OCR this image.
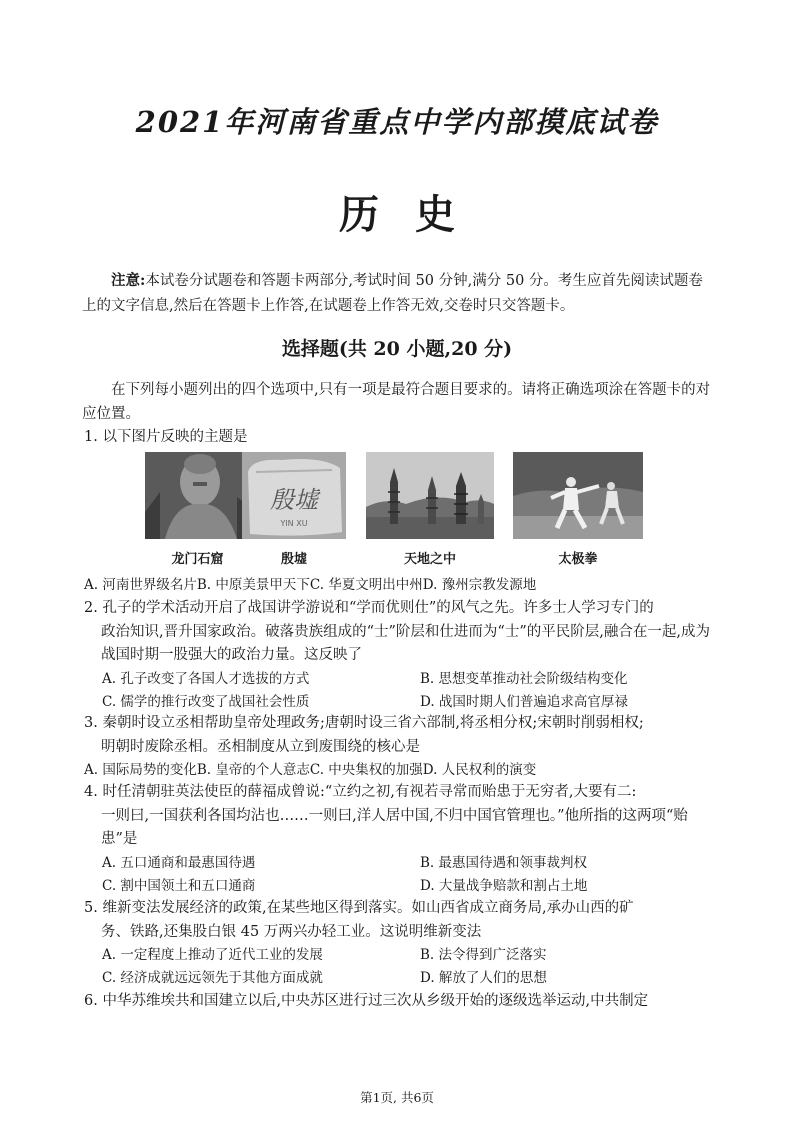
2021年河南省重点中学内部摸底试卷
历史
注意:本试卷分试题卷和答题卡两部分,考试时间 50 分钟,满分 50 分。考生应首先阅读试题卷上的文字信息,然后在答题卡上作答,在试题卷上作答无效,交卷时只交答题卡。
选择题(共 20 小题,20 分)
在下列每小题列出的四个选项中,只有一项是最符合题目要求的。请将正确选项涂在答题卡的对应位置。

1. 以下图片反映的主题是

龙门石窟
殷墟
YIN XU
殷墟	天地之中	太极拳
A. 河南世界级名片 B. 中原美景甲天下 C. 华夏文明出中州 D. 豫州宗教发源地

2. 孔子的学术活动开启了战国讲学游说和“学而优则仕”的风气之先。许多士人学习专门的
政治知识,晋升国家政治。破落贵族组成的“士”阶层和仕进而为“士”的平民阶层,融合在一起,成为战国时期一股强大的政治力量。这反映了

A. 孔子改变了各国人才选拔的方式	B. 思想变革推动社会阶级结构变化
C. 儒学的推行改变了战国社会性质	D. 战国时期人们普遍追求高官厚禄

3. 秦朝时设立丞相帮助皇帝处理政务;唐朝时设三省六部制,将丞相分权;宋朝时削弱相权;
明朝时废除丞相。丞相制度从立到废围绕的核心是

A. 国际局势的变化 B. 皇帝的个人意志 C. 中央集权的加强 D. 人民权利的演变

4. 时任清朝驻英法使臣的薛福成曾说:“立约之初,有视若寻常而贻患于无穷者,大要有二:
一则曰,一国获利各国均沾也……一则曰,洋人居中国,不归中国官管理也。”他所指的这两项“贻患”是

A. 五口通商和最惠国待遇	B. 最惠国待遇和领事裁判权
C. 割中国领土和五口通商	D. 大量战争赔款和割占土地

5. 维新变法发展经济的政策,在某些地区得到落实。如山西省成立商务局,承办山西的矿
务、铁路,还集股白银 45 万两兴办轻工业。这说明维新变法

A. 一定程度上推动了近代工业的发展	B. 法令得到广泛落实
C. 经济成就远远领先于其他方面成就	D. 解放了人们的思想

6. 中华苏维埃共和国建立以后,中央苏区进行过三次从乡级开始的逐级选举运动,中共制定

第1页, 共6页
